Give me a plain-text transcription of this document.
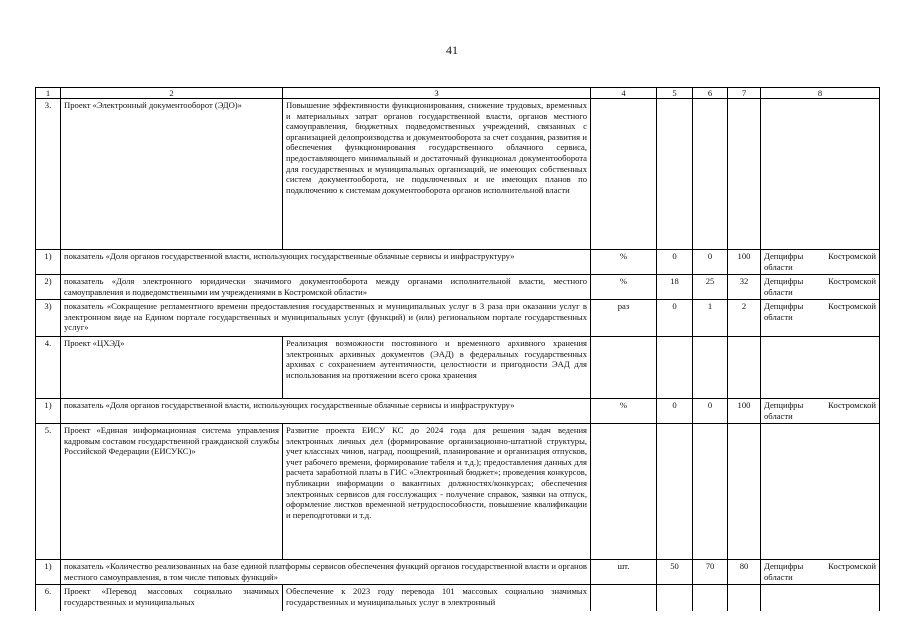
41
1	2	3	4	5	6	7	8
3.	Проект «Электронный документооборот (ЭДО)»	Повышение эффективности функционирования, снижение трудовых, временных и материальных затрат органов государственной власти, органов местного самоуправления, бюджетных подведомственных учреждений, связанных с организацией делопроизводства и документооборота за счет создания, развития и обеспечения функционирования государственного облачного сервиса, предоставляющего минимальный и достаточный функционал документооборота для государственных и муниципальных организаций, не имеющих собственных систем документооборота, не подключенных и не имеющих планов по подключению к системам документооборота органов исполнительной власти					
1)	показатель «Доля органов государственной власти, использующих государственные облачные сервисы и инфраструктуру»		%	0	0	100	Депцифры Костромской области
2)	показатель «Доля электронного юридически значимого документооборота между органами исполнительной власти, местного самоуправления и подведомственными им учреждениями в Костромской области»		%	18	25	32	Депцифры Костромской области
3)	показатель «Сокращение регламентного времени предоставления государственных и муниципальных услуг в 3 раза при оказании услуг в электронном виде на Едином портале государственных и муниципальных услуг (функций) и (или) региональном портале государственных услуг»		раз	0	1	2	Депцифры Костромской области
4.	Проект «ЦХЭД»	Реализация возможности постоянного и временного архивного хранения электронных архивных документов (ЭАД) в федеральных государственных архивах с сохранением аутентичности, целостности и пригодности ЭАД для использования на протяжении всего срока хранения					
1)	показатель «Доля органов государственной власти, использующих государственные облачные сервисы и инфраструктуру»		%	0	0	100	Депцифры Костромской области
5.	Проект «Единая информационная система управления кадровым составом государственной гражданской службы Российской Федерации (ЕИСУКС)»	Развитие проекта ЕИСУ КС до 2024 года для решения задач ведения электронных личных дел (формирование организационно-штатной структуры, учет классных чинов, наград, поощрений, планирование и организация отпусков, учет рабочего времени, формирование табеля и т.д.); предоставления данных для расчета заработной платы в ГИС «Электронный бюджет»; проведения конкурсов, публикации информации о вакантных должностях/конкурсах; обеспечения электронных сервисов для госслужащих - получение справок, заявки на отпуск, оформление листков временной нетрудоспособности, повышение квалификации и переподготовки и т.д.					
1)	показатель «Количество реализованных на базе единой платформы сервисов обеспечения функций органов государственной власти и органов местного самоуправления, в том числе типовых функций»		шт.	50	70	80	Депцифры Костромской области
6.	Проект «Перевод массовых социально значимых государственных и муниципальных	Обеспечение к 2023 году перевода 101 массовых социально значимых государственных и муниципальных услуг в электронный					
